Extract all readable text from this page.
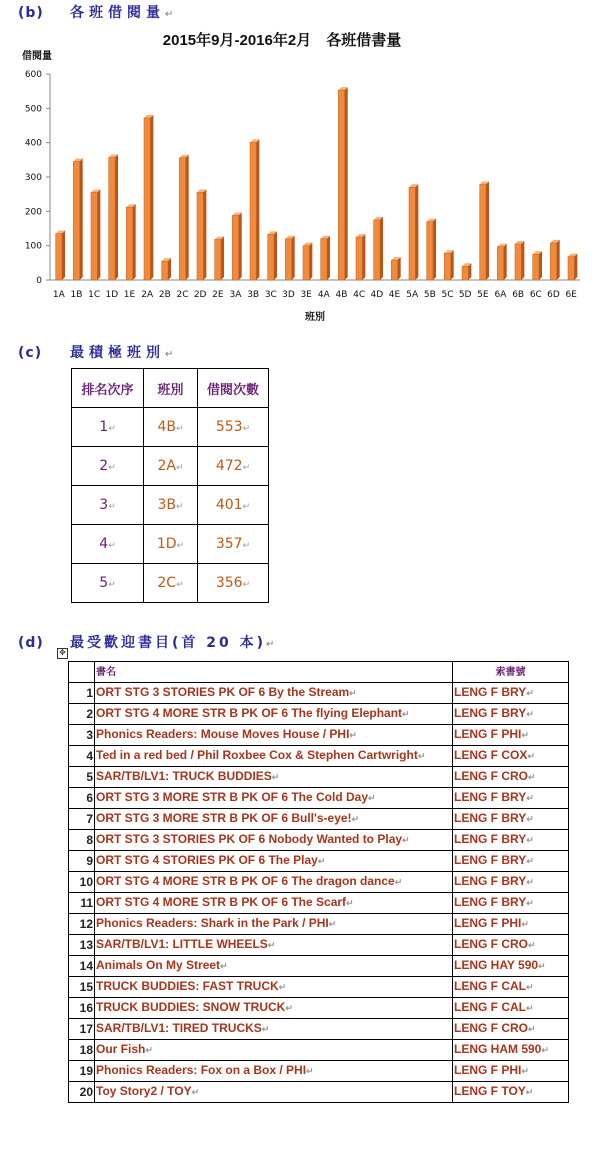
(b) 各班借閱量↵
2015年9月-2016年2月　各班借書量
借閱量
班別
0
100
200
300
400
500
600
1A 1B 1C 1D 1E 2A 2B 2C 2D 2E 3A 3B 3C 3D 3E 4A 4B 4C 4D 4E 5A 5B 5C 5D 5E 6A 6B 6C 6D 6E
(c) 最積極班別↵
排名次序	班別	借閱次數
1↵	4B↵	553↵
2↵	2A↵	472↵
3↵	3B↵	401↵
4↵	1D↵	357↵
5↵	2C↵	356↵
(d) 最受歡迎書目(首 20 本)↵
✥
	書名	索書號
1	ORT STG 3 STORIES PK OF 6 By the Stream↵	LENG F BRY↵
2	ORT STG 4 MORE STR B PK OF 6 The flying Elephant↵	LENG F BRY↵
3	Phonics Readers: Mouse Moves House / PHI↵	LENG F PHI↵
4	Ted in a red bed / Phil Roxbee Cox & Stephen Cartwright↵	LENG F COX↵
5	SAR/TB/LV1: TRUCK BUDDIES↵	LENG F CRO↵
6	ORT STG 3 MORE STR B PK OF 6 The Cold Day↵	LENG F BRY↵
7	ORT STG 3 MORE STR B PK OF 6 Bull's-eye!↵	LENG F BRY↵
8	ORT STG 3 STORIES PK OF 6 Nobody Wanted to Play↵	LENG F BRY↵
9	ORT STG 4 STORIES PK OF 6 The Play↵	LENG F BRY↵
10	ORT STG 4 MORE STR B PK OF 6 The dragon dance↵	LENG F BRY↵
11	ORT STG 4 MORE STR B PK OF 6 The Scarf↵	LENG F BRY↵
12	Phonics Readers: Shark in the Park / PHI↵	LENG F PHI↵
13	SAR/TB/LV1: LITTLE WHEELS↵	LENG F CRO↵
14	Animals On My Street↵	LENG HAY 590↵
15	TRUCK BUDDIES: FAST TRUCK↵	LENG F CAL↵
16	TRUCK BUDDIES: SNOW TRUCK↵	LENG F CAL↵
17	SAR/TB/LV1: TIRED TRUCKS↵	LENG F CRO↵
18	Our Fish↵	LENG HAM 590↵
19	Phonics Readers: Fox on a Box / PHI↵	LENG F PHI↵
20	Toy Story2 / TOY↵	LENG F TOY↵
